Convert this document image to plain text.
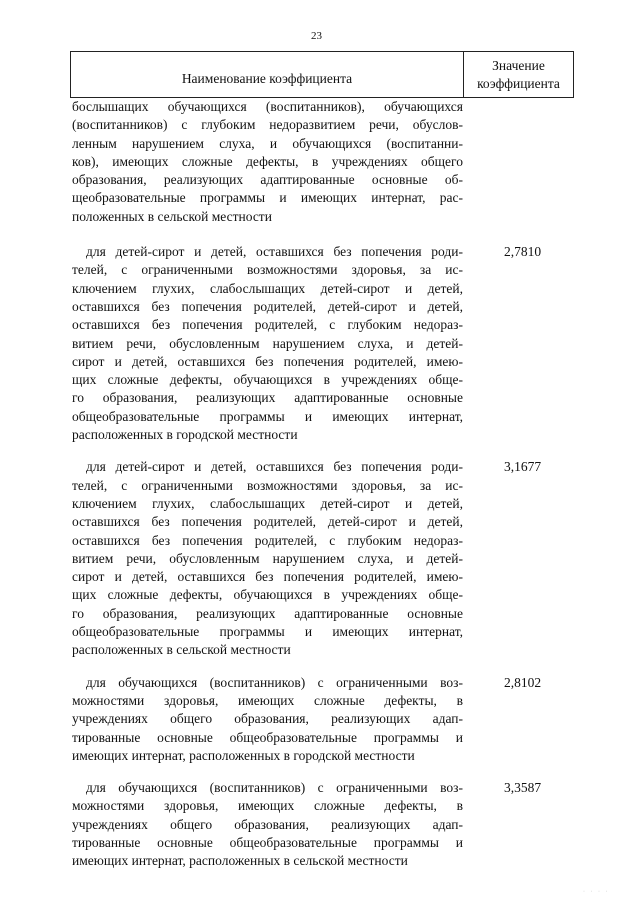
23
Наименование коэффициента
Значение
коэффициента
бослышащих обучающихся (воспитанников), обучающихся
(воспитанников) с глубоким недоразвитием речи, обуслов-
ленным нарушением слуха, и обучающихся (воспитанни-
ков), имеющих сложные дефекты, в учреждениях общего
образования, реализующих адаптированные основные об-
щеобразовательные программы и имеющих интернат, рас-
положенных в сельской местности
для детей-сирот и детей, оставшихся без попечения роди-
телей, с ограниченными возможностями здоровья, за ис-
ключением глухих, слабослышащих детей-сирот и детей,
оставшихся без попечения родителей, детей-сирот и детей,
оставшихся без попечения родителей, с глубоким недораз-
витием речи, обусловленным нарушением слуха, и детей-
сирот и детей, оставшихся без попечения родителей, имею-
щих сложные дефекты, обучающихся в учреждениях обще-
го образования, реализующих адаптированные основные
общеобразовательные программы и имеющих интернат,
расположенных в городской местности
2,7810
для детей-сирот и детей, оставшихся без попечения роди-
телей, с ограниченными возможностями здоровья, за ис-
ключением глухих, слабослышащих детей-сирот и детей,
оставшихся без попечения родителей, детей-сирот и детей,
оставшихся без попечения родителей, с глубоким недораз-
витием речи, обусловленным нарушением слуха, и детей-
сирот и детей, оставшихся без попечения родителей, имею-
щих сложные дефекты, обучающихся в учреждениях обще-
го образования, реализующих адаптированные основные
общеобразовательные программы и имеющих интернат,
расположенных в сельской местности
3,1677
для обучающихся (воспитанников) с ограниченными воз-
можностями здоровья, имеющих сложные дефекты, в
учреждениях общего образования, реализующих адап-
тированные основные общеобразовательные программы и
имеющих интернат, расположенных в городской местности
2,8102
для обучающихся (воспитанников) с ограниченными воз-
можностями здоровья, имеющих сложные дефекты, в
учреждениях общего образования, реализующих адап-
тированные основные общеобразовательные программы и
имеющих интернат, расположенных в сельской местности
3,3587
· · · ·
